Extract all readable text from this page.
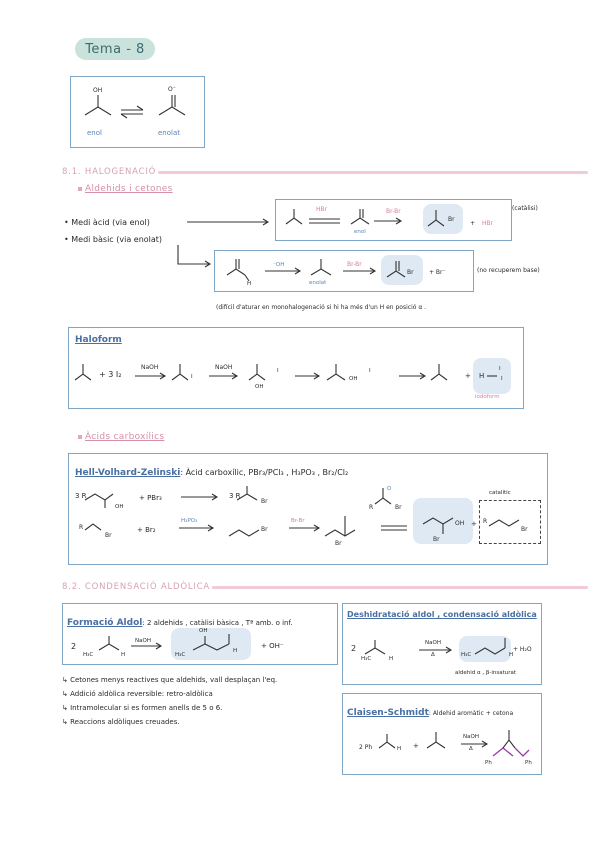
Tema - 8
OH	O⁻
enol	enolat
8.1. HALOGENACIÓ
Aldehids i cetones
• Medi àcid (via enol)
• Medi bàsic (via enolat)
HBr	Br-Br
enol
Br
+ HBr
(catàlisi)
⁻OH
H	enolat
Br-Br
Br	+ Br⁻	(no recuperem base)
(difícil d'aturar en monohalogenació si hi ha més d'un H en posició α .
Haloform
+ 3 I₂
NaOH	NaOH
I
I
OH
OH
I
+ H
I
I
iodoform
Àcids carboxílics
Hell-Volhard-Zelinski: Àcid carboxílic, PBr₃/PCl₃ , H₃PO₃ , Br₂/Cl₂
3 R
OH
+ PBr₃	3 R
Br
R
Br
+ Br₂
H₃PO₃
Br
Br-Br
Br
R
O
Br
Br
OH +
catalític
R
Br
8.2. CONDENSACIÓ ALDÒLICA
Formació Aldol: 2 aldehids , catàlisi bàsica , Tª amb. o inf.
2
H₃C	H
NaOH
OH
H₃C
H
+ OH⁻
Deshidratació aldol , condensació aldòlica
2
H₃C	H
NaOH
Δ	H₃C	H
+ H₂O
aldehid α , β-insaturat
↳ Cetones menys reactives que aldehids, vall desplaçan l'eq.
↳ Addició aldòlica reversible: retro-aldòlica
↳ Intramolecular si es formen anells de 5 o 6.
↳ Reaccions aldòliques creuades.
Claisen-Schmidt: Aldehid aromàtic + cetona
2 Ph	H +
NaOH
Δ
Ph	Ph
